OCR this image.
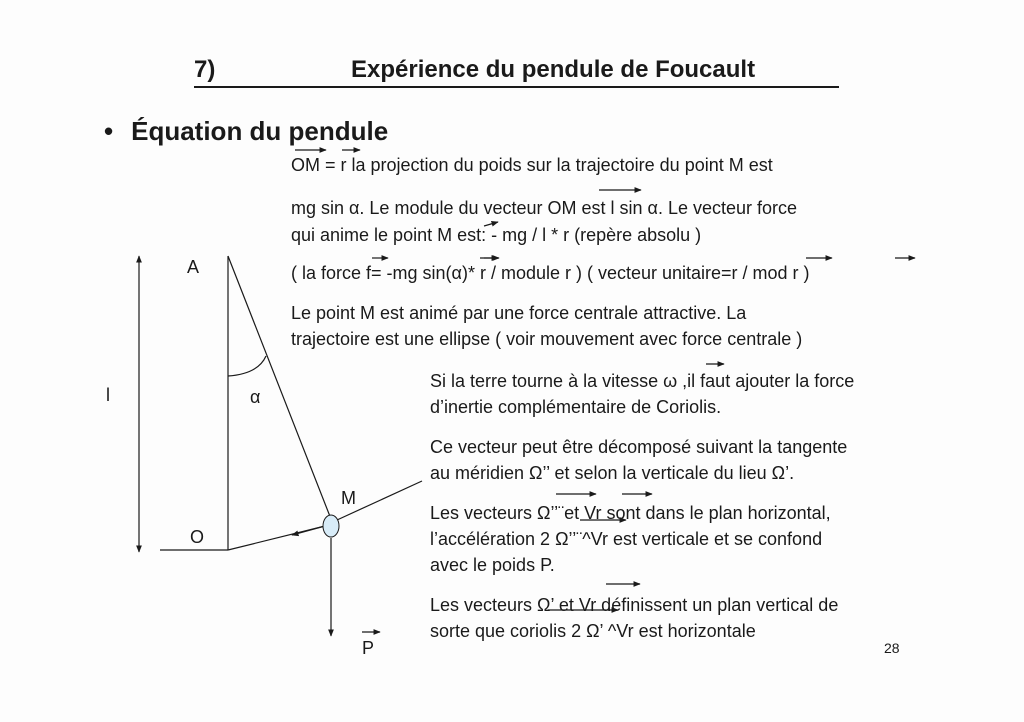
7)	Expérience du pendule de Foucault
• Équation du pendule
OM = r la projection du poids sur la trajectoire du point M est
mg sin α. Le module du vecteur OM est l sin α. Le vecteur force
qui anime le point M est: - mg / l * r (repère absolu )
( la force f= -mg sin(α)* r / module r ) ( vecteur unitaire=r / mod r )
Le point M est animé par une force centrale attractive. La
trajectoire est une ellipse ( voir mouvement avec force centrale )
Si la terre tourne à la vitesse ω ,il faut ajouter la force
d’inertie complémentaire de Coriolis.
Ce vecteur peut être décomposé suivant la tangente
au méridien Ω’’ et selon la verticale du lieu Ω’.
Les vecteurs Ω’’¨et Vr sont dans le plan horizontal,
l’accélération 2 Ω’’¨^Vr est verticale et se confond
avec le poids P.
Les vecteurs Ω’ et Vr définissent un plan vertical de
sorte que coriolis 2 Ω’ ^Vr est horizontale
A
O
M
l	α
P	28
